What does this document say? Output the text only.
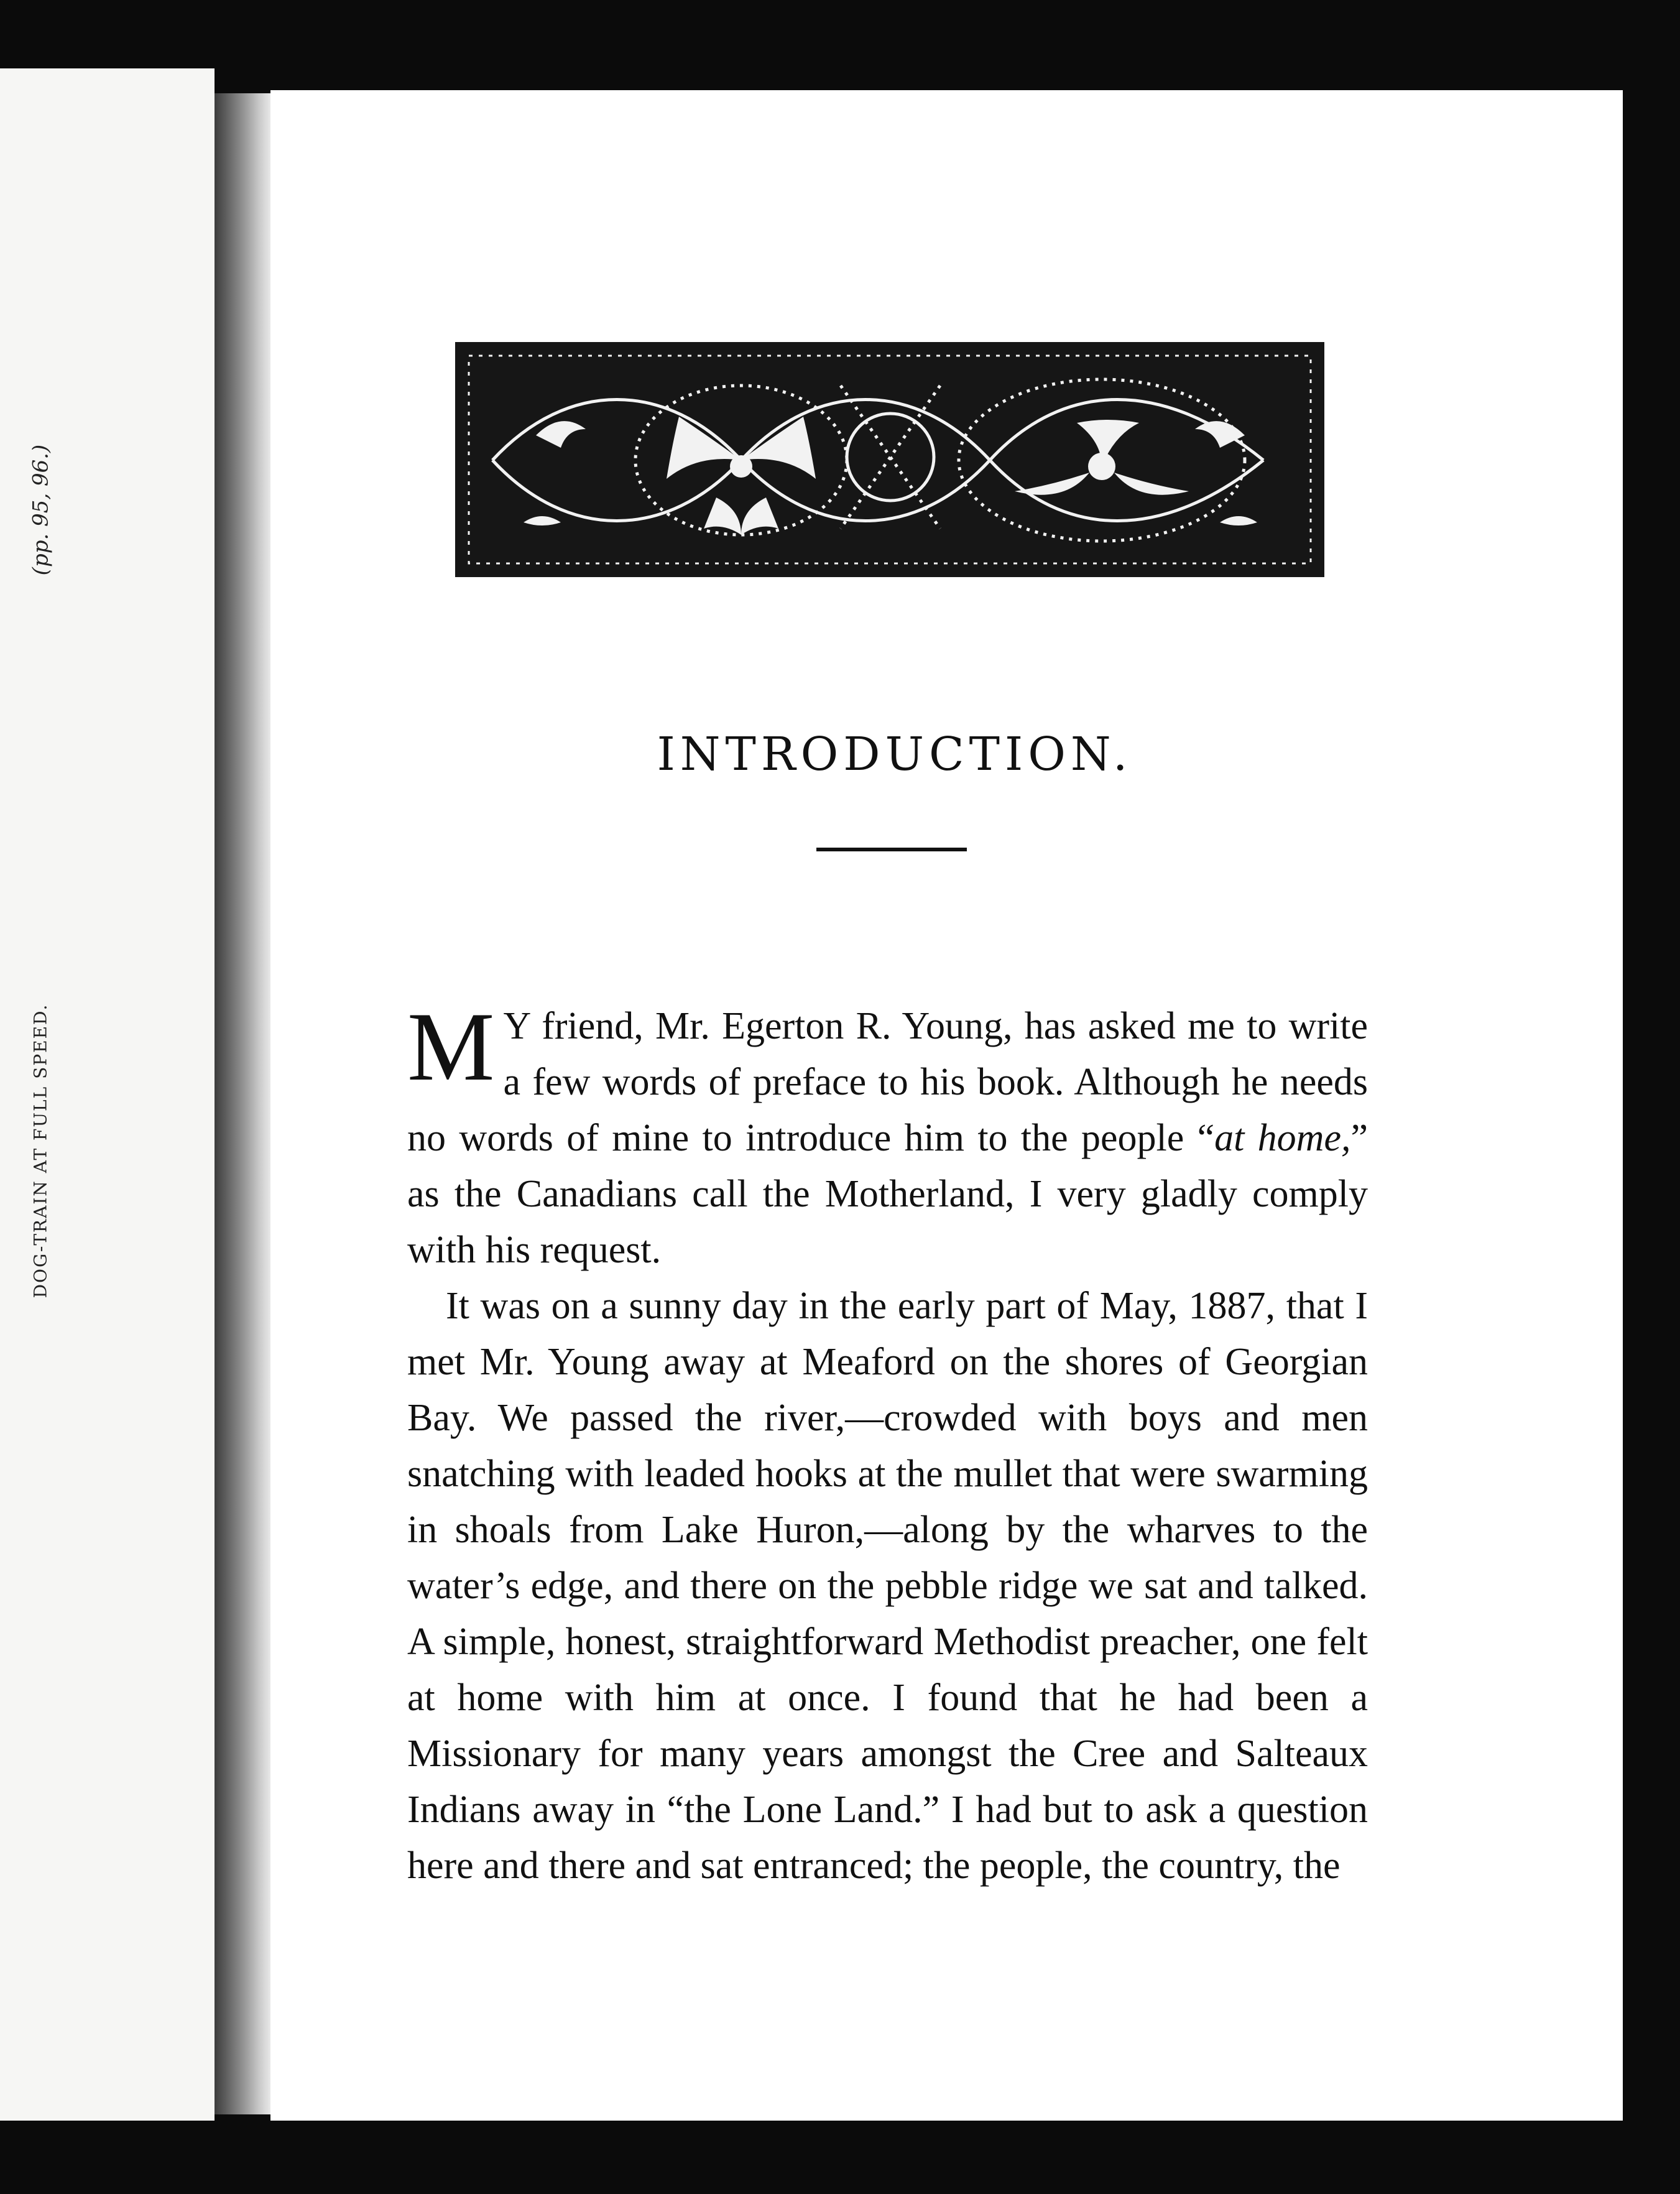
(pp. 95, 96.)
DOG-TRAIN AT FULL SPEED.
INTRODUCTION.

M Y friend, Mr. Egerton R. Young, has asked me to write a few words of preface to his book. Although he needs no words of mine to introduce him to the people “at home,” as the Canadians call the Motherland, I very gladly comply with his request.

It was on a sunny day in the early part of May, 1887, that I met Mr. Young away at Meaford on the shores of Georgian Bay. We passed the river,—crowded with boys and men snatching with leaded hooks at the mullet that were swarming in shoals from Lake Huron,—along by the wharves to the water’s edge, and there on the pebble ridge we sat and talked. A simple, honest, straightforward Methodist preacher, one felt at home with him at once. I found that he had been a Missionary for many years amongst the Cree and Salteaux Indians away in “the Lone Land.” I had but to ask a question here and there and sat entranced; the people, the country, the
